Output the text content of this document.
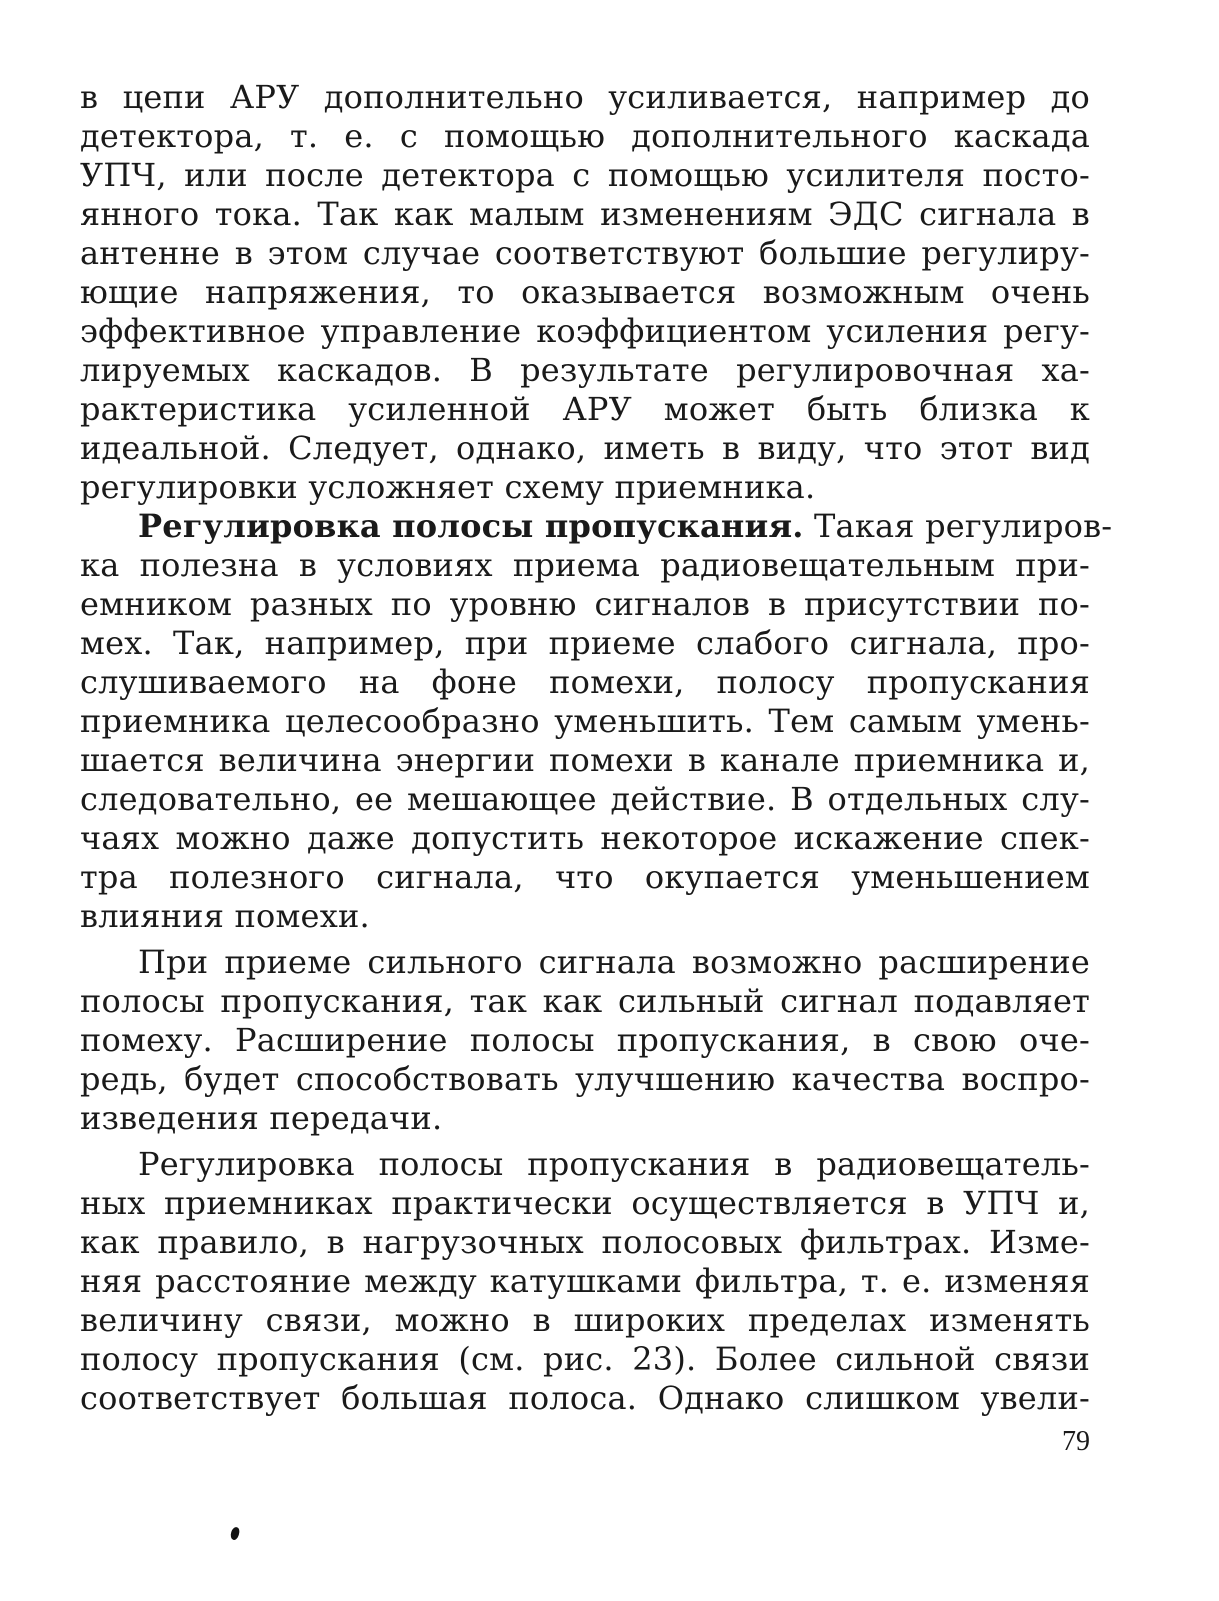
в цепи АРУ дополнительно усиливается, например до
детектора, т. е. с помощью дополнительного каскада
УПЧ, или после детектора с помощью усилителя посто-
янного тока. Так как малым изменениям ЭДС сигнала в
антенне в этом случае соответствуют большие регулиру-
ющие напряжения, то оказывается возможным очень
эффективное управление коэффициентом усиления регу-
лируемых каскадов. В результате регулировочная ха-
рактеристика усиленной АРУ может быть близка к
идеальной. Следует, однако, иметь в виду, что этот вид
регулировки усложняет схему приемника.
Регулировка полосы пропускания. Такая регулиров-
ка полезна в условиях приема радиовещательным при-
емником разных по уровню сигналов в присутствии по-
мех. Так, например, при приеме слабого сигнала, про-
слушиваемого на фоне помехи, полосу пропускания
приемника целесообразно уменьшить. Тем самым умень-
шается величина энергии помехи в канале приемника и,
следовательно, ее мешающее действие. В отдельных слу-
чаях можно даже допустить некоторое искажение спек-
тра полезного сигнала, что окупается уменьшением
влияния помехи.
При приеме сильного сигнала возможно расширение
полосы пропускания, так как сильный сигнал подавляет
помеху. Расширение полосы пропускания, в свою оче-
редь, будет способствовать улучшению качества воспро-
изведения передачи.
Регулировка полосы пропускания в радиовещатель-
ных приемниках практически осуществляется в УПЧ и,
как правило, в нагрузочных полосовых фильтрах. Изме-
няя расстояние между катушками фильтра, т. е. изменяя
величину связи, можно в широких пределах изменять
полосу пропускания (см. рис. 23). Более сильной связи
соответствует большая полоса. Однако слишком увели-
79
